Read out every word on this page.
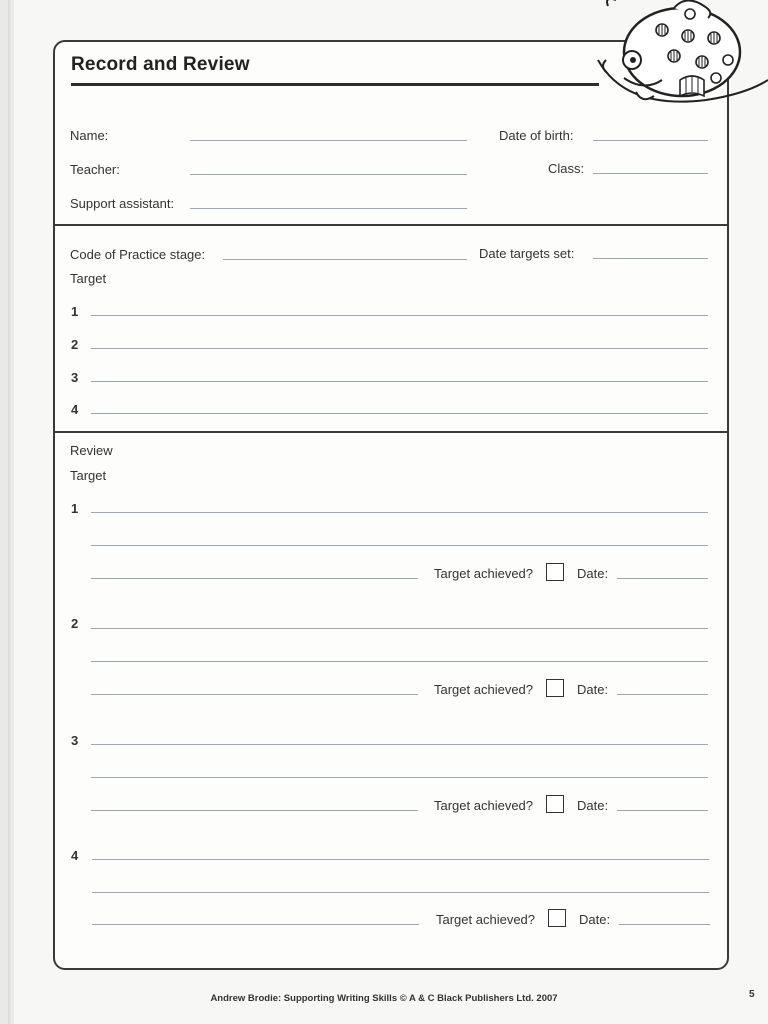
Record and Review
Name:	Date of birth:
Teacher:	Class:
Support assistant:
Code of Practice stage:	Date targets set:
Target
1
2
3
4
Review
Target
1
Target achieved?	Date:
2
Target achieved?	Date:
3
Target achieved?	Date:
4
Target achieved?	Date:
Andrew Brodie: Supporting Writing Skills © A & C Black Publishers Ltd. 2007	5
